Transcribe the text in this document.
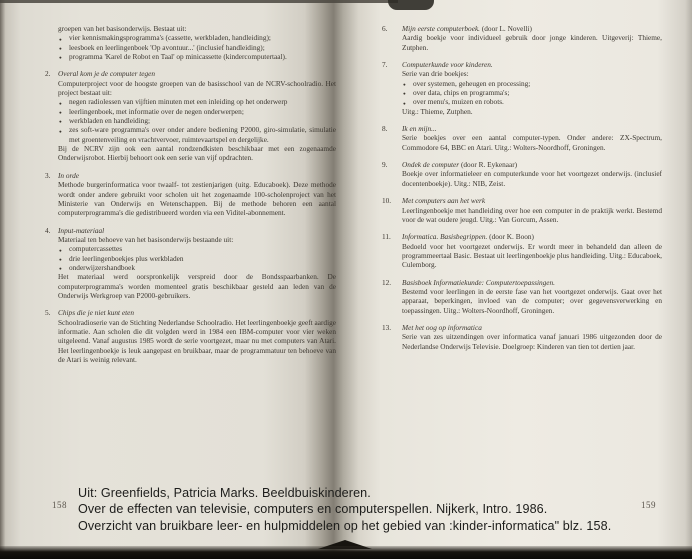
groepen van het basisonderwijs. Bestaat uit:

● vier kennismakingsprogramma's (cassette, werkbladen, handleiding);
● leesboek en leerlingenboek 'Op avontuur...' (inclusief handleiding);
● programma 'Karel de Robot en Taal' op minicassette (kindercomputertaal).
2.	Overal kom je de computer tegen

Computerproject voor de hoogste groepen van de basisschool van de NCRV-schoolradio. Het project bestaat uit:

● negen radiolessen van vijftien minuten met een inleiding op het onderwerp
● leerlingenboek, met informatie over de negen onderwerpen;
● werkbladen en handleiding;
● zes soft-ware programma's over onder andere bediening P2000, giro-simulatie, simulatie met groentenveiling en vrachtvervoer, ruimtevaartspel en dergelijke.

Bij de NCRV zijn ook een aantal rondzendkisten beschikbaar met een zogenaamde Onderwijsrobot. Hierbij behoort ook een serie van vijf opdrachten.

3.	In orde

Methode burgerinformatica voor twaalf- tot zestienjarigen (uitg. Educaboek). Deze methode wordt onder andere gebruikt voor scholen uit het zogenaamde 100-scholenproject van het Ministerie van Onderwijs en Wetenschappen. Bij de methode behoren een aantal computerprogramma's die gedistribueerd worden via een Viditel-abonnement.

4.	Input-materiaal

Materiaal ten behoeve van het basisonderwijs bestaande uit:

● computercassettes
● drie leerlingenboekjes plus werkbladen
● onderwijzershandboek

Het materiaal werd oorspronkelijk verspreid door de Bondsspaarbanken. De computerprogramma's worden momenteel gratis beschikbaar gesteld aan leden van de Onderwijs Werkgroep van P2000-gebruikers.

5.	Chips die je niet kunt eten

Schoolradioserie van de Stichting Nederlandse Schoolradio. Het leerlingenboekje geeft aardige informatie. Aan scholen die dit volgden werd in 1984 een IBM-computer voor vier weken uitgeleend. Vanaf augustus 1985 wordt de serie voortgezet, maar nu met computers van Atari. Het leerlingenboekje is leuk aangepast en bruikbaar, maar de programmatuur ten behoeve van de Atari is weinig relevant.

6.	Mijn eerste computerboek. (door L. Novelli)

Aardig boekje voor individueel gebruik door jonge kinderen. Uitgeverij: Thieme, Zutphen.

7.	Computerkunde voor kinderen.

Serie van drie boekjes:

● over systemen, geheugen en processing;
● over data, chips en programma's;
● over menu's, muizen en robots.

Uitg.: Thieme, Zutphen.

8.	Ik en mijn...

Serie boekjes over een aantal computer-typen. Onder andere: ZX-Spectrum, Commodore 64, BBC en Atari. Uitg.: Wolters-Noordhoff, Groningen.

9.	Ondek de computer (door R. Eykenaar)

Boekje over informatieleer en computerkunde voor het voortgezet onderwijs. (inclusief docentenboekje). Uitg.: NIB, Zeist.

10.	Met computers aan het werk

Leerlingenboekje met handleiding over hoe een computer in de praktijk werkt. Bestemd voor de wat oudere jeugd. Uitg.: Van Gorcum, Assen.

11.	Informatica. Basisbegrippen. (door K. Boon)

Bedoeld voor het voortgezet onderwijs. Er wordt meer in behandeld dan alleen de programmeertaal Basic. Bestaat uit leerlingenboekje plus handleiding. Uitg.: Educaboek, Culemborg.

12.	Basisboek Informatiekunde: Computertoepassingen.

Bestemd voor leerlingen in de eerste fase van het voortgezet onderwijs. Gaat over het apparaat, beperkingen, invloed van de computer; over gegevensverwerking en toepassingen. Uitg.: Wolters-Noordhoff, Groningen.

13.	Met het oog op informatica

Serie van zes uitzendingen over informatica vanaf januari 1986 uitgezonden door de Nederlandse Onderwijs Televisie. Doelgroep: Kinderen van tien tot dertien jaar.

158	159
Uit: Greenfields, Patricia Marks. Beeldbuiskinderen.
Over de effecten van televisie, computers en computerspellen. Nijkerk, Intro. 1986.
Overzicht van bruikbare leer- en hulpmiddelen op het gebied van :kinder-informatica" blz. 158.
